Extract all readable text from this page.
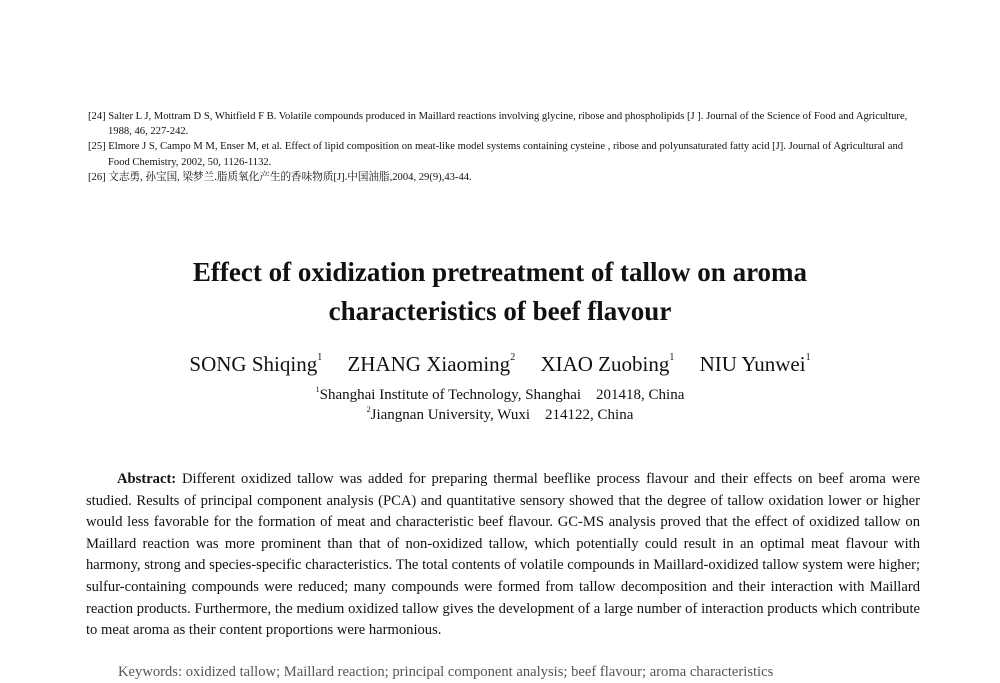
[24] Salter L J, Mottram D S, Whitfield F B. Volatile compounds produced in Maillard reactions involving glycine, ribose and phospholipids [J ]. Journal of the Science of Food and Agriculture, 1988, 46, 227-242.
[25] Elmore J S, Campo M M, Enser M, et al. Effect of lipid composition on meat-like model systems containing cysteine , ribose and polyunsaturated fatty acid [J]. Journal of Agricultural and Food Chemistry, 2002, 50, 1126-1132.
[26] 文志勇, 孙宝国, 梁梦兰.脂质氧化产生的香味物质[J].中国油脂,2004, 29(9),43-44.
Effect of oxidization pretreatment of tallow on aroma
characteristics of beef flavour
SONG Shiqing$^1$ ZHANG Xiaoming$^2$ XIAO Zuobing$^1$ NIU Yunwei$^1$
$^1$Shanghai Institute of Technology, Shanghai    201418, China
$^2$Jiangnan University, Wuxi    214122, China
Abstract: Different oxidized tallow was added for preparing thermal beeflike process flavour and their effects on beef aroma were studied. Results of principal component analysis (PCA) and quantitative sensory showed that the degree of tallow oxidation lower or higher would less favorable for the formation of meat and characteristic beef flavour. GC-MS analysis proved that the effect of oxidized tallow on Maillard reaction was more prominent than that of non-oxidized tallow, which potentially could result in an optimal meat flavour with harmony, strong and species-specific characteristics. The total contents of volatile compounds in Maillard-oxidized tallow system were higher; sulfur-containing compounds were reduced; many compounds were formed from tallow decomposition and their interaction with Maillard reaction products. Furthermore, the medium oxidized tallow gives the development of a large number of interaction products which contribute to meat aroma as their content proportions were harmonious.
Keywords: oxidized tallow; Maillard reaction; principal component analysis; beef flavour; aroma characteristics
